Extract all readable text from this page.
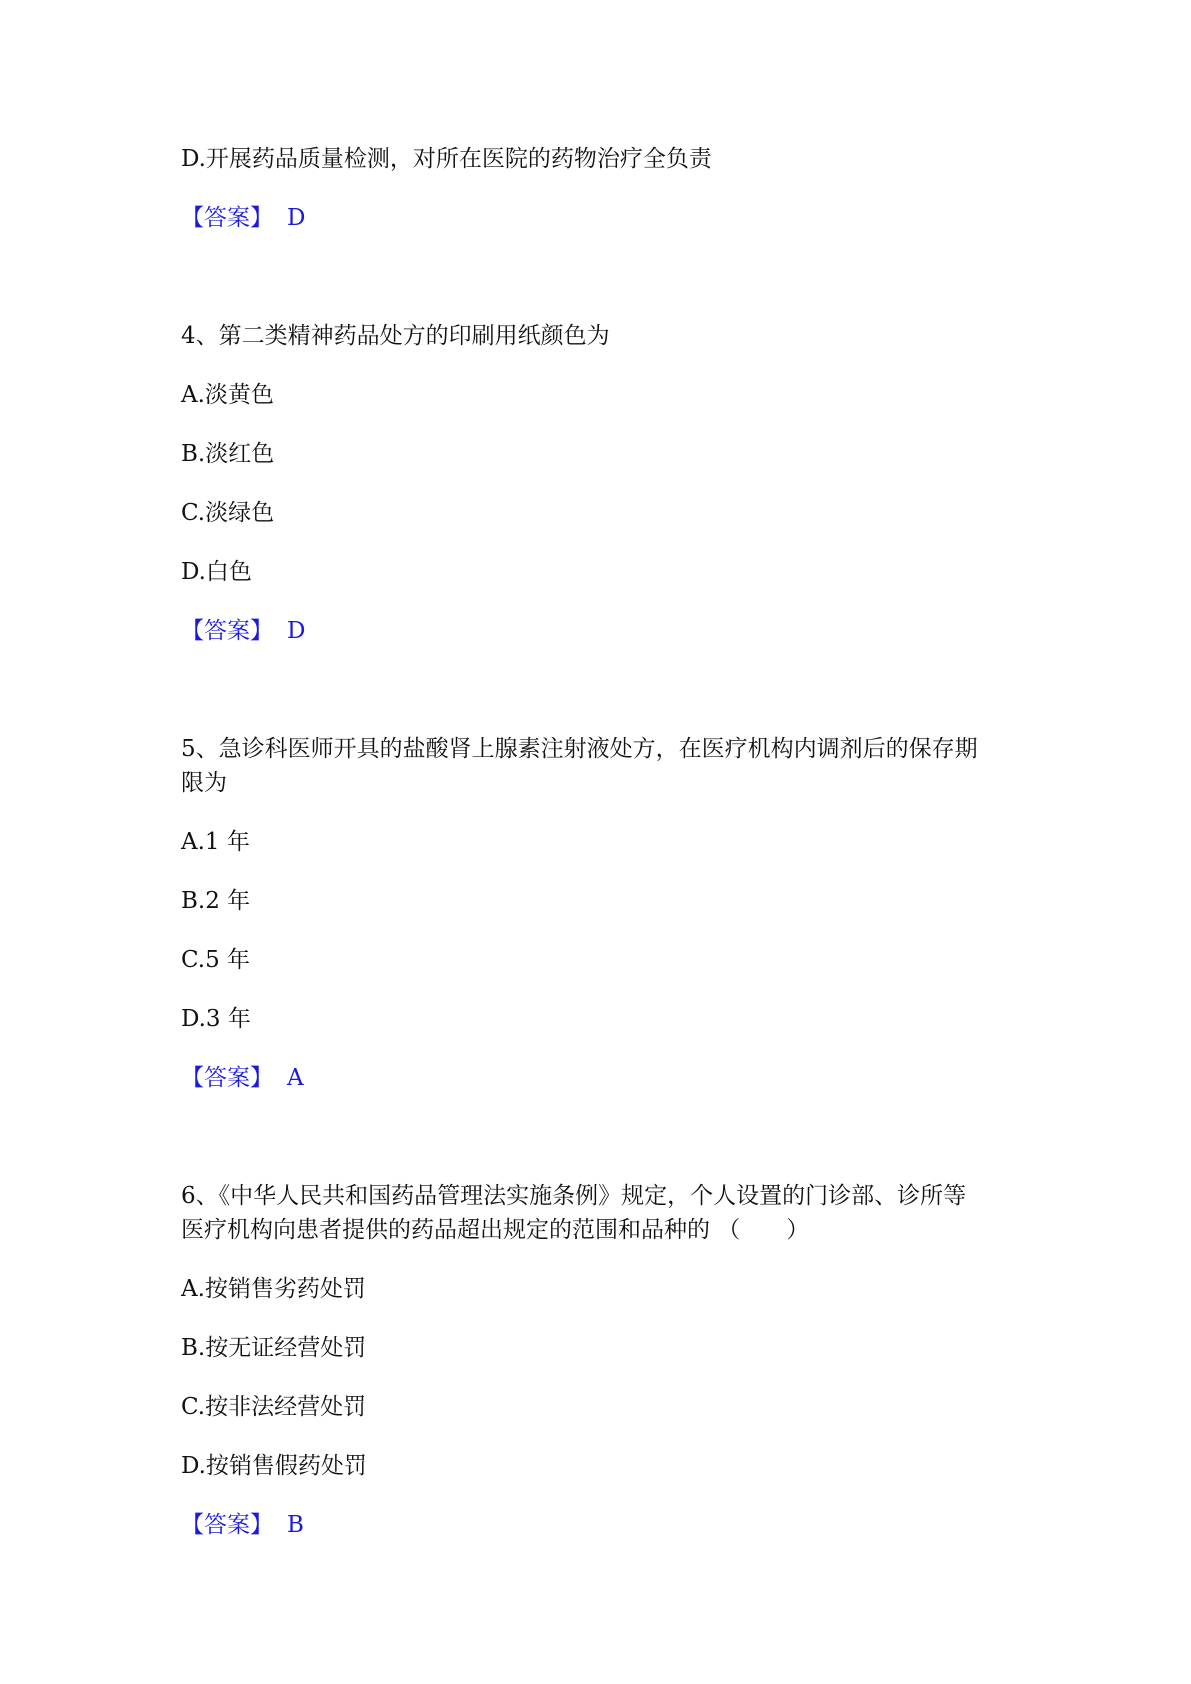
D.开展药品质量检测，对所在医院的药物治疗全负责

【答案】 D

4、第二类精神药品处方的印刷用纸颜色为

A.淡黄色

B.淡红色

C.淡绿色

D.白色

【答案】 D

5、急诊科医师开具的盐酸肾上腺素注射液处方，在医疗机构内调剂后的保存期

限为

A.1 年

B.2 年

C.5 年

D.3 年

【答案】 A

6、《中华人民共和国药品管理法实施条例》规定，个人设置的门诊部、诊所等

医疗机构向患者提供的药品超出规定的范围和品种的 （　　）

A.按销售劣药处罚

B.按无证经营处罚

C.按非法经营处罚

D.按销售假药处罚

【答案】 B
